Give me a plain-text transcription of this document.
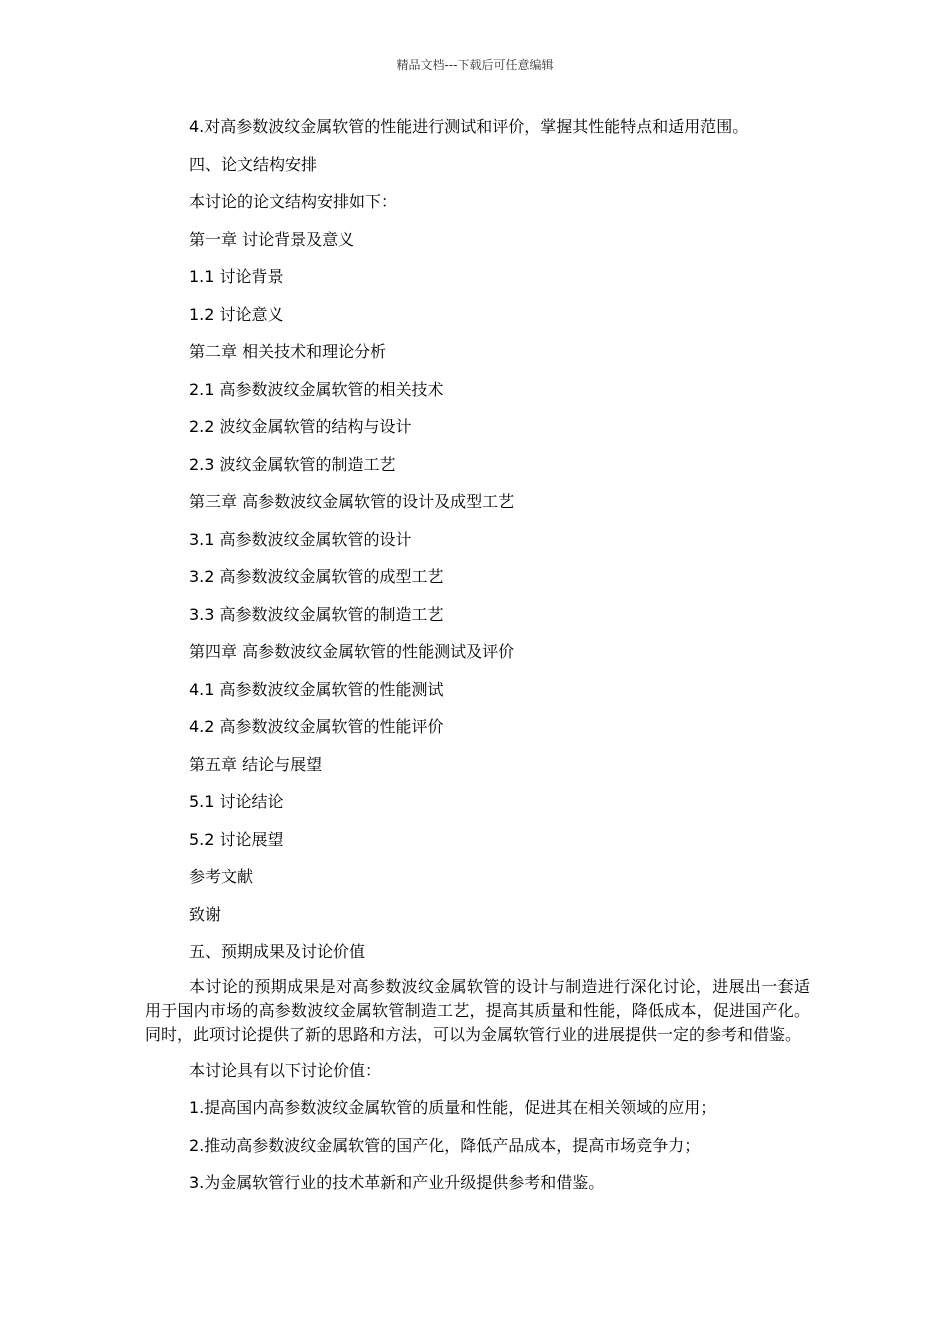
精品文档---下载后可任意编辑
4.对高参数波纹金属软管的性能进行测试和评价，掌握其性能特点和适用范围。
四、论文结构安排
本讨论的论文结构安排如下：
第一章 讨论背景及意义
1.1 讨论背景
1.2 讨论意义
第二章 相关技术和理论分析
2.1 高参数波纹金属软管的相关技术
2.2 波纹金属软管的结构与设计
2.3 波纹金属软管的制造工艺
第三章 高参数波纹金属软管的设计及成型工艺
3.1 高参数波纹金属软管的设计
3.2 高参数波纹金属软管的成型工艺
3.3 高参数波纹金属软管的制造工艺
第四章 高参数波纹金属软管的性能测试及评价
4.1 高参数波纹金属软管的性能测试
4.2 高参数波纹金属软管的性能评价
第五章 结论与展望
5.1 讨论结论
5.2 讨论展望
参考文献
致谢
五、预期成果及讨论价值
本讨论的预期成果是对高参数波纹金属软管的设计与制造进行深化讨论，进展出一套适用于国内市场的高参数波纹金属软管制造工艺，提高其质量和性能，降低成本，促进国产化。同时，此项讨论提供了新的思路和方法，可以为金属软管行业的进展提供一定的参考和借鉴。
本讨论具有以下讨论价值：
1.提高国内高参数波纹金属软管的质量和性能，促进其在相关领域的应用；
2.推动高参数波纹金属软管的国产化，降低产品成本，提高市场竞争力；
3.为金属软管行业的技术革新和产业升级提供参考和借鉴。
